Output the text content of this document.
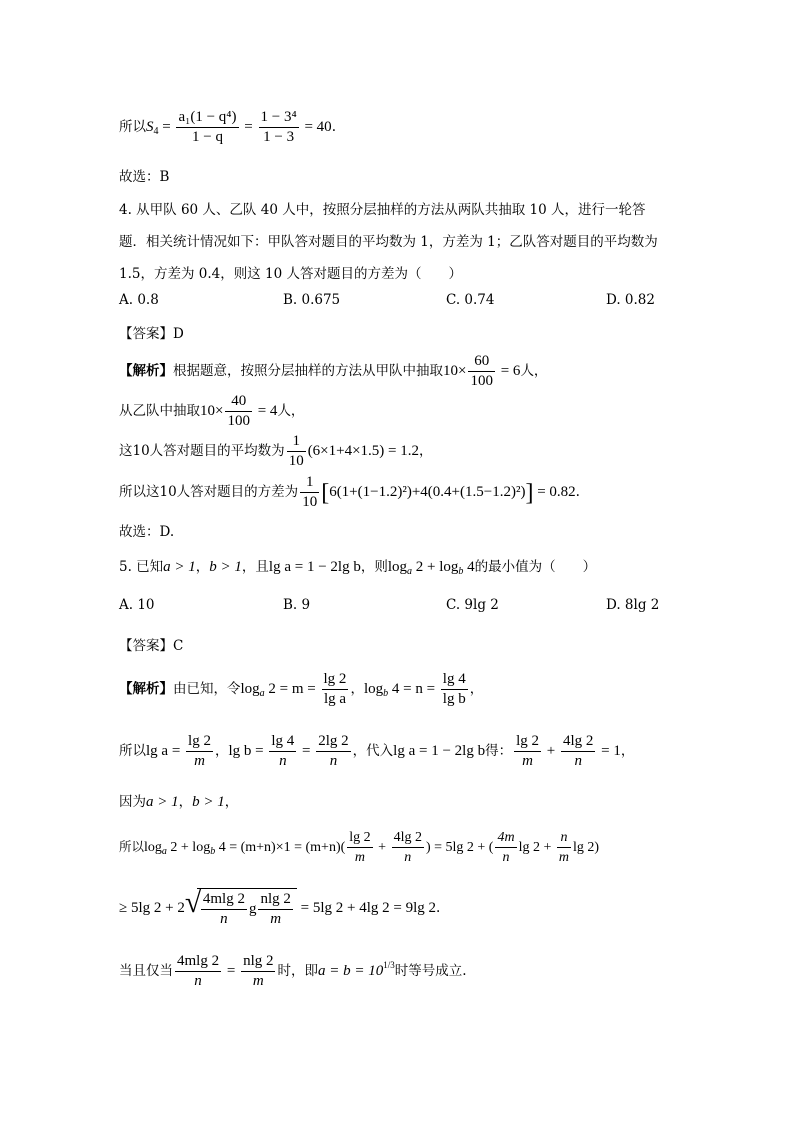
所以$S_4 = \frac{\text{a₁(1 − q⁴)}}{1 - q} = \frac{\text{1 − 3⁴}}{1 - 3} = 40$.
故选：B
4. 从甲队 60 人、乙队 40 人中，按照分层抽样的方法从两队共抽取 10 人，进行一轮答
题．相关统计情况如下：甲队答对题目的平均数为 1，方差为 1；乙队答对题目的平均数为
1.5，方差为 0.4，则这 10 人答对题目的方差为（　　）
A. 0.8	B. 0.675	C. 0.74	D. 0.82
【答案】D
【解析】根据题意，按照分层抽样的方法从甲队中抽取$10\times \frac{60}{100} = 6$人，
从乙队中抽取$10\times \frac{40}{100} = 4$人，
这10人答对题目的平均数为 $\frac{1}{10} (6\times 1+4\times 1.5) = 1.2$，
所以这10人答对题目的方差为 $\frac{1}{10} [6(1+(1-1.2)^2)+4(0.4+(1.5-1.2)^2)] = 0.82$.
故选：D.
5. 已知a > 1，b > 1，且lg a = 1 − 2lg b，则$\log_a 2 + \log_b 4$的最小值为（　　）
A. 10	B. 9	C. 9lg 2	D. 8lg 2
【答案】C
【解析】由已知，令$\log_a 2 = m = \frac{\lg 2}{\text{lg a}}$ ，$\log_b 4 = n = \frac{\lg 4}{\text{lg b}}$ ，
所以$\lg a = \frac{\lg 2}{m}$ ，$\lg b = \frac{\lg 4}{n} = \frac{2\lg 2}{n}$ ，代入lg a = 1 − 2lg b得： $\frac{\lg 2}{m} + \frac{4\lg 2}{n} = 1$，
因为a > 1，b > 1，
所以$\log_a 2 + \log_b 4 = (m+n)\times 1 = (m+n)( \frac{\lg 2}{m} + \frac{4\lg 2}{n}$ ) = 5lg 2 + ( $\frac{4m}{n}$ $\lg 2 + \frac{n}{m}$ lg 2)
≥ 5lg 2 + 2
√ $\frac{4mlg 2}{n}$ g $\frac{nlg 2}{m} = 5\lg$ 2 + 4lg 2 = 9lg 2.
当且仅当 $\frac{4mlg 2}{n} = \frac{nlg 2}{m}$ 时，即$a = b = 10^{1/3}$时等号成立.
